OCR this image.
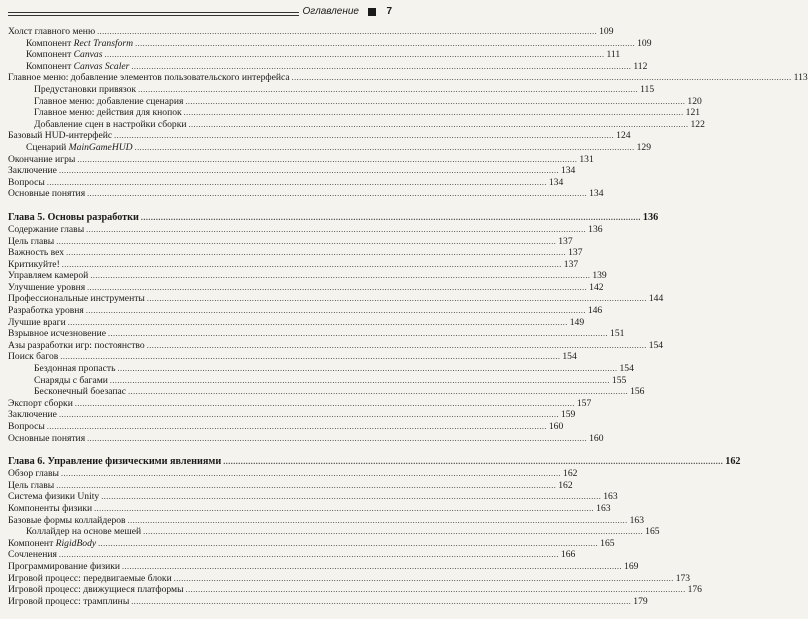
Оглавление	7
Холст главного меню ........................................................................................................................................................................................................ 109
Компонент Rect Transform ........................................................................................................................................................................................................ 109
Компонент Canvas ........................................................................................................................................................................................................ 111
Компонент Canvas Scaler ........................................................................................................................................................................................................ 112
Главное меню: добавление элементов пользовательского интерфейса ........................................................................................................................................................................................................ 113
Предустановки привязок ........................................................................................................................................................................................................ 115
Главное меню: добавление сценария ........................................................................................................................................................................................................ 120
Главное меню: действия для кнопок ........................................................................................................................................................................................................ 121
Добавление сцен в настройки сборки ........................................................................................................................................................................................................ 122
Базовый HUD-интерфейс ........................................................................................................................................................................................................ 124
Сценарий MainGameHUD ........................................................................................................................................................................................................ 129
Окончание игры ........................................................................................................................................................................................................ 131
Заключение ........................................................................................................................................................................................................ 134
Вопросы ........................................................................................................................................................................................................ 134
Основные понятия ........................................................................................................................................................................................................ 134
Глава 5. Основы разработки ........................................................................................................................................................................................................ 136
Содержание главы ........................................................................................................................................................................................................ 136
Цель главы ........................................................................................................................................................................................................ 137
Важность вех ........................................................................................................................................................................................................ 137
Критикуйте! ........................................................................................................................................................................................................ 137
Управляем камерой ........................................................................................................................................................................................................ 139
Улучшение уровня ........................................................................................................................................................................................................ 142
Профессиональные инструменты ........................................................................................................................................................................................................ 144
Разработка уровня ........................................................................................................................................................................................................ 146
Лучшие враги ........................................................................................................................................................................................................ 149
Взрывное исчезновение ........................................................................................................................................................................................................ 151
Азы разработки игр: постоянство ........................................................................................................................................................................................................ 154
Поиск багов ........................................................................................................................................................................................................ 154
Бездонная пропасть ........................................................................................................................................................................................................ 154
Снаряды с багами ........................................................................................................................................................................................................ 155
Бесконечный боезапас ........................................................................................................................................................................................................ 156
Экспорт сборки ........................................................................................................................................................................................................ 157
Заключение ........................................................................................................................................................................................................ 159
Вопросы ........................................................................................................................................................................................................ 160
Основные понятия ........................................................................................................................................................................................................ 160
Глава 6. Управление физическими явлениями ........................................................................................................................................................................................................ 162
Обзор главы ........................................................................................................................................................................................................ 162
Цель главы ........................................................................................................................................................................................................ 162
Система физики Unity ........................................................................................................................................................................................................ 163
Компоненты физики ........................................................................................................................................................................................................ 163
Базовые формы коллайдеров ........................................................................................................................................................................................................ 163
Коллайдер на основе мешей ........................................................................................................................................................................................................ 165
Компонент RigidBody ........................................................................................................................................................................................................ 165
Сочленения ........................................................................................................................................................................................................ 166
Программирование физики ........................................................................................................................................................................................................ 169
Игровой процесс: передвигаемые блоки ........................................................................................................................................................................................................ 173
Игровой процесс: движущиеся платформы ........................................................................................................................................................................................................ 176
Игровой процесс: трамплины ........................................................................................................................................................................................................ 179
